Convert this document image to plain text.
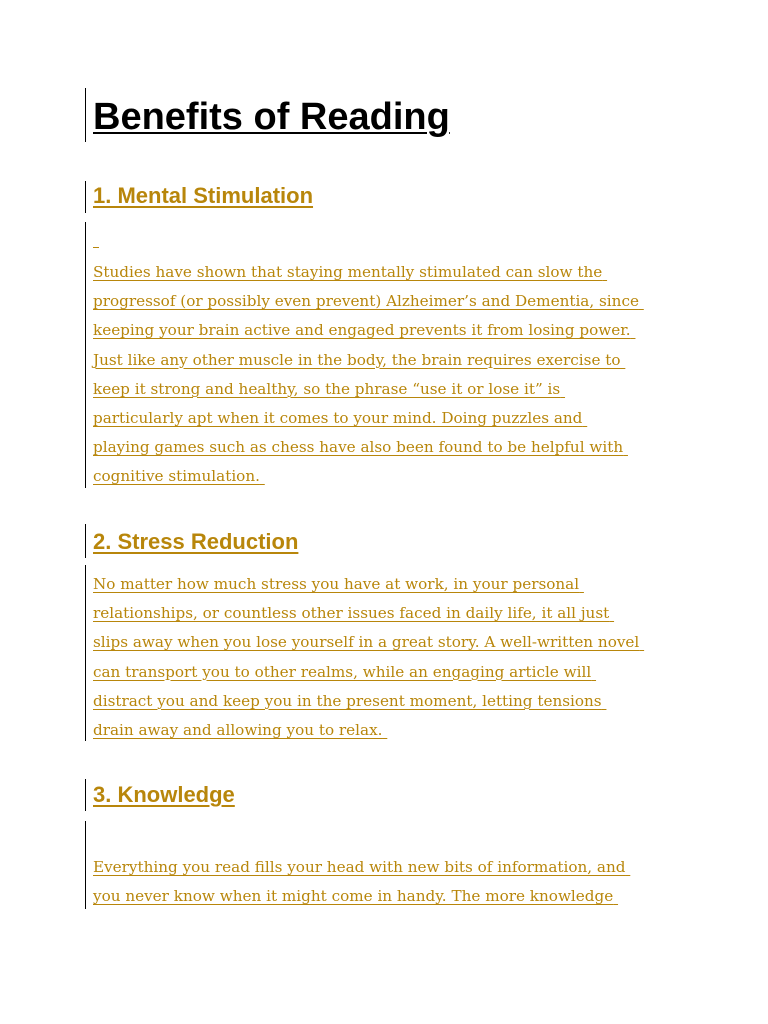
Benefits of Reading
1. Mental Stimulation
Studies have shown that staying mentally stimulated can slow the
progressof (or possibly even prevent) Alzheimer’s and Dementia, since
keeping your brain active and engaged prevents it from losing power.
Just like any other muscle in the body, the brain requires exercise to
keep it strong and healthy, so the phrase “use it or lose it” is
particularly apt when it comes to your mind. Doing puzzles and
playing games such as chess have also been found to be helpful with
cognitive stimulation.
2. Stress Reduction
No matter how much stress you have at work, in your personal
relationships, or countless other issues faced in daily life, it all just
slips away when you lose yourself in a great story. A well-written novel
can transport you to other realms, while an engaging article will
distract you and keep you in the present moment, letting tensions
drain away and allowing you to relax.
3. Knowledge
Everything you read fills your head with new bits of information, and
you never know when it might come in handy. The more knowledge
